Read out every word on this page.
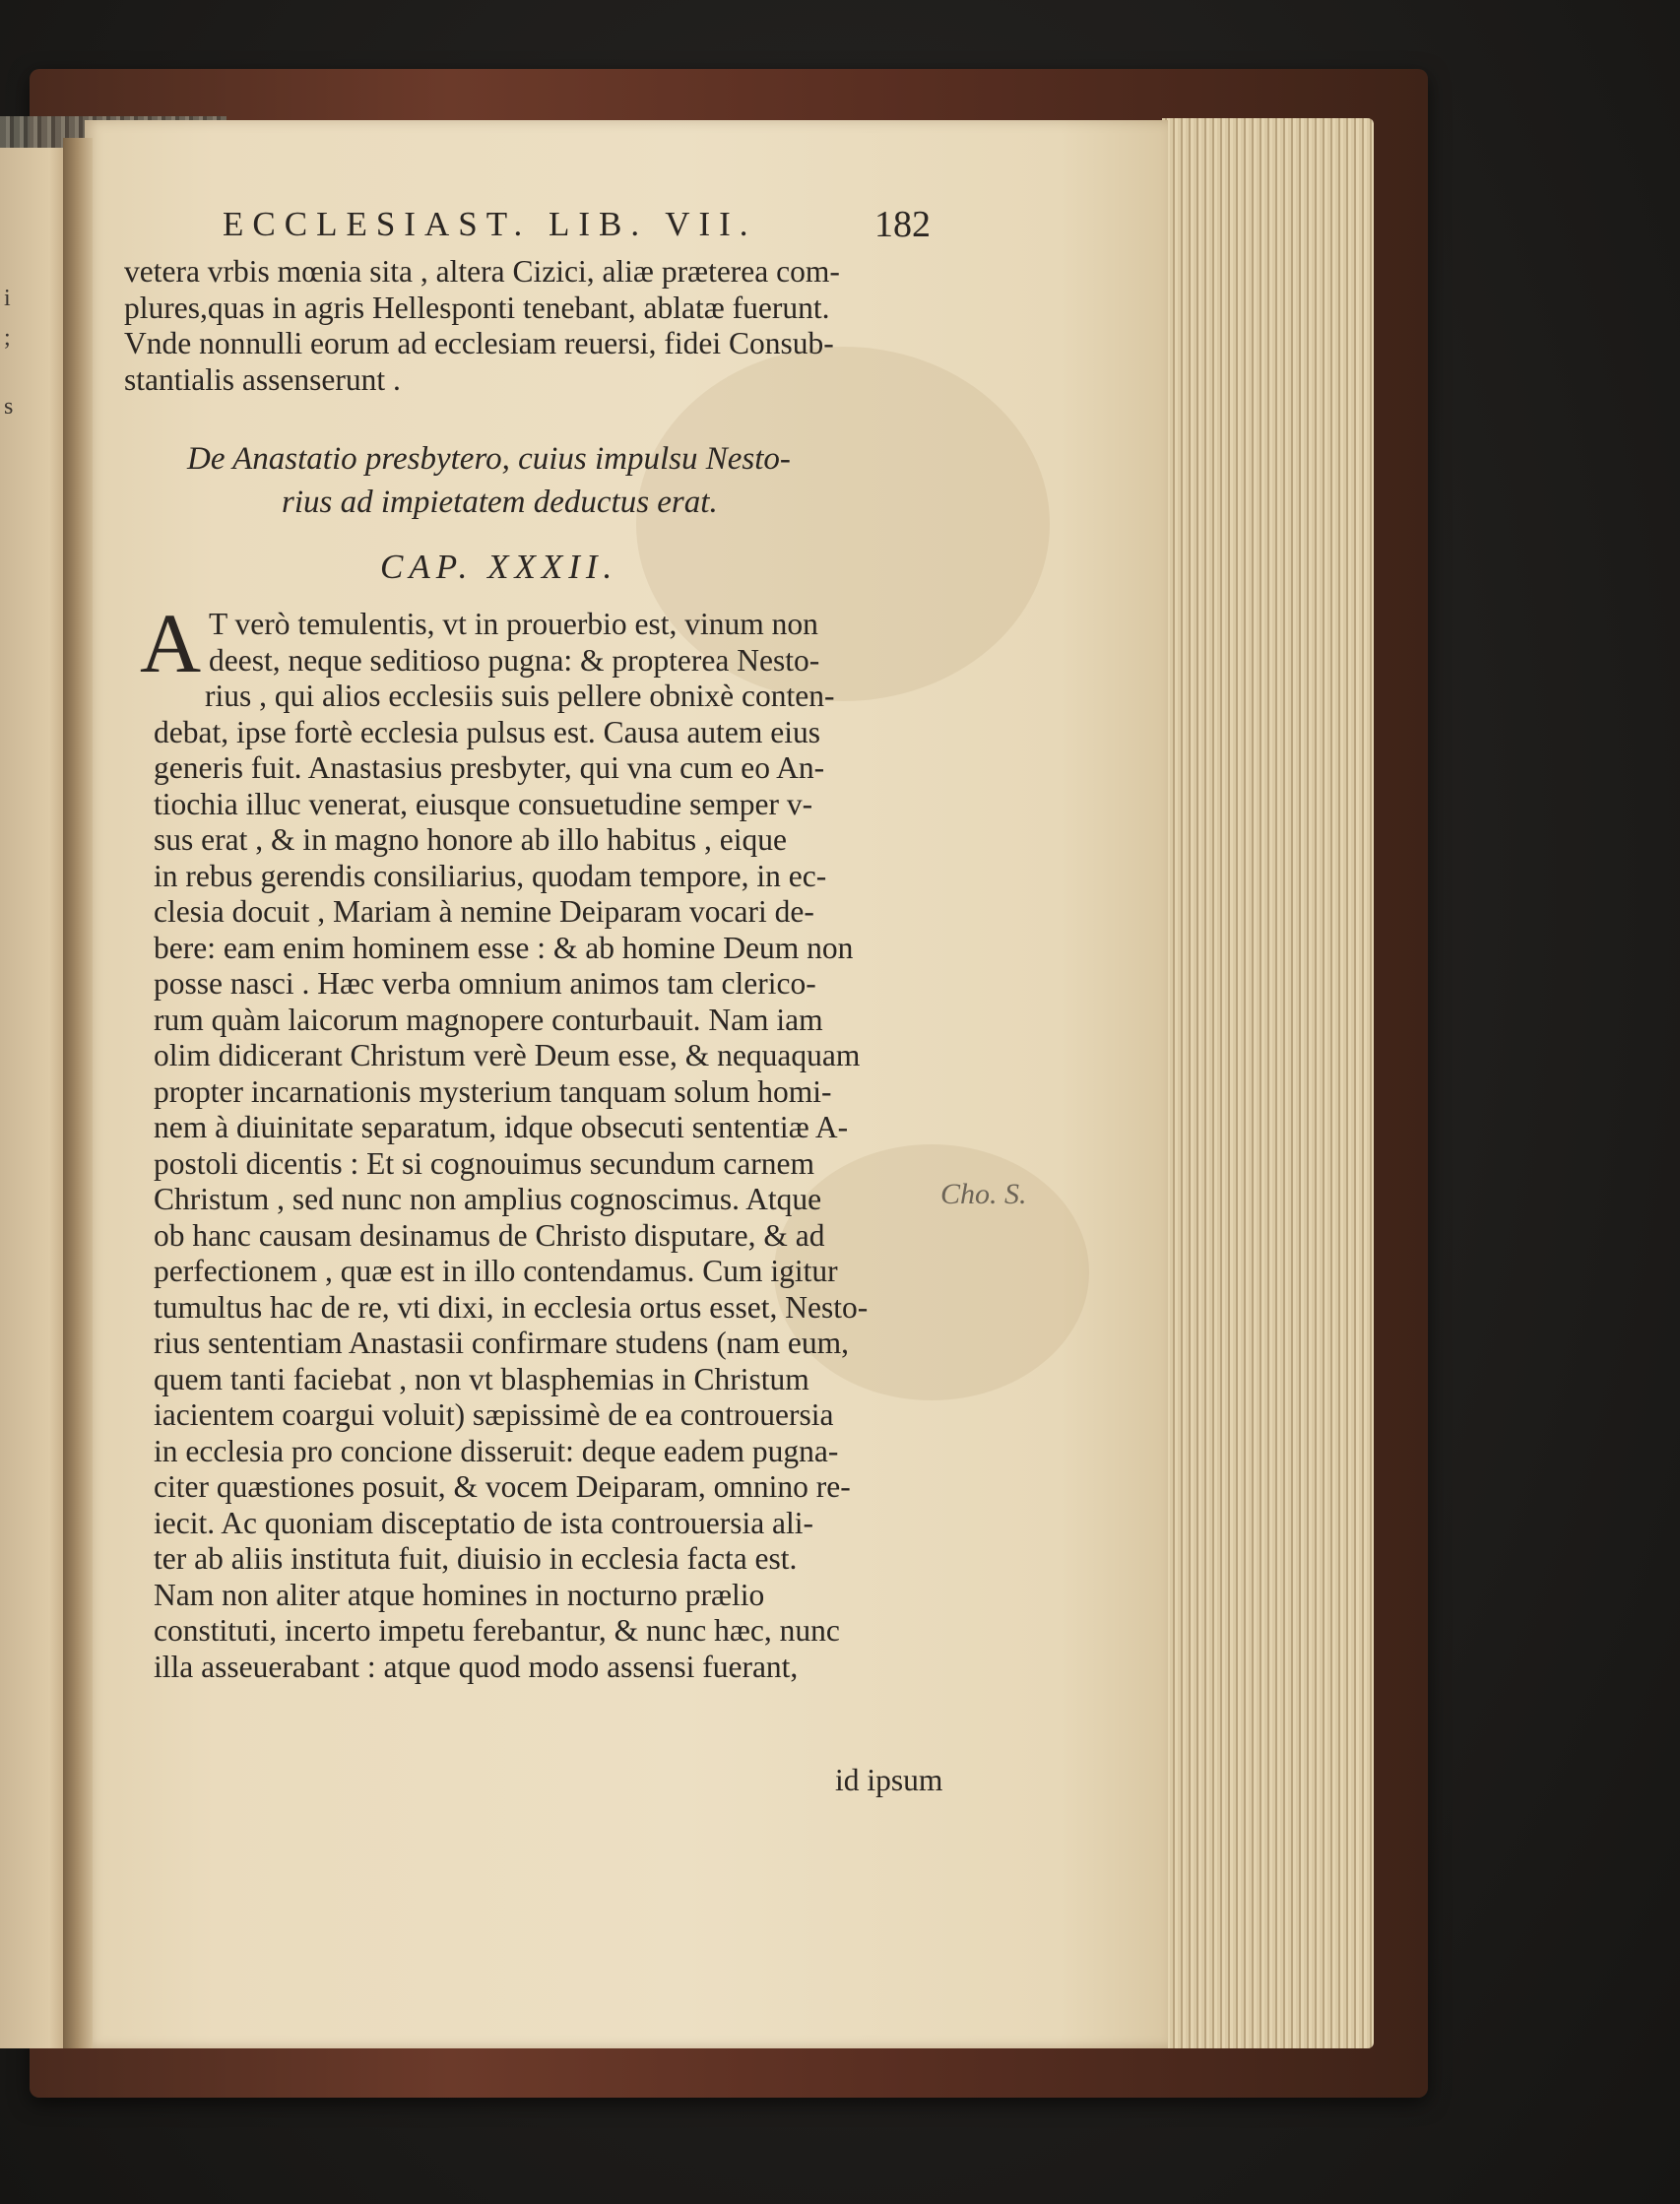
ECCLESIAST. LIB. VII.	182
vetera vrbis mœnia sita , altera Cizici, aliæ præterea com-
plures,quas in agris Hellesponti tenebant, ablatæ fuerunt.
Vnde nonnulli eorum ad ecclesiam reuersi, fidei Consub-
stantialis assenserunt .
De Anastatio presbytero, cuius impulsu Nesto-
rius ad impietatem deductus erat.
CAP. XXXII.
A T verò temulentis, vt in prouerbio est, vinum non
deest, neque seditioso pugna: & propterea Nesto-
rius , qui alios ecclesiis suis pellere obnixè conten-
debat, ipse fortè ecclesia pulsus est. Causa autem eius
generis fuit. Anastasius presbyter, qui vna cum eo An-
tiochia illuc venerat, eiusque consuetudine semper v-
sus erat , & in magno honore ab illo habitus , eique
in rebus gerendis consiliarius, quodam tempore, in ec-
clesia docuit , Mariam à nemine Deiparam vocari de-
bere: eam enim hominem esse : & ab homine Deum non
posse nasci . Hæc verba omnium animos tam clerico-
rum quàm laicorum magnopere conturbauit. Nam iam
olim didicerant Christum verè Deum esse, & nequaquam
propter incarnationis mysterium tanquam solum homi-
nem à diuinitate separatum, idque obsecuti sententiæ A-
postoli dicentis : Et si cognouimus secundum carnem
Christum , sed nunc non amplius cognoscimus. Atque
ob hanc causam desinamus de Christo disputare, & ad
perfectionem , quæ est in illo contendamus. Cum igitur
tumultus hac de re, vti dixi, in ecclesia ortus esset, Nesto-
rius sententiam Anastasii confirmare studens (nam eum,
quem tanti faciebat , non vt blasphemias in Christum
iacientem coargui voluit) sæpissimè de ea controuersia
in ecclesia pro concione disseruit: deque eadem pugna-
citer quæstiones posuit, & vocem Deiparam, omnino re-
iecit. Ac quoniam disceptatio de ista controuersia ali-
ter ab aliis instituta fuit, diuisio in ecclesia facta est.
Nam non aliter atque homines in nocturno prælio
constituti, incerto impetu ferebantur, & nunc hæc, nunc
illa asseuerabant : atque quod modo assensi fuerant,
id ipsum
Cho. S.
i
;
s
